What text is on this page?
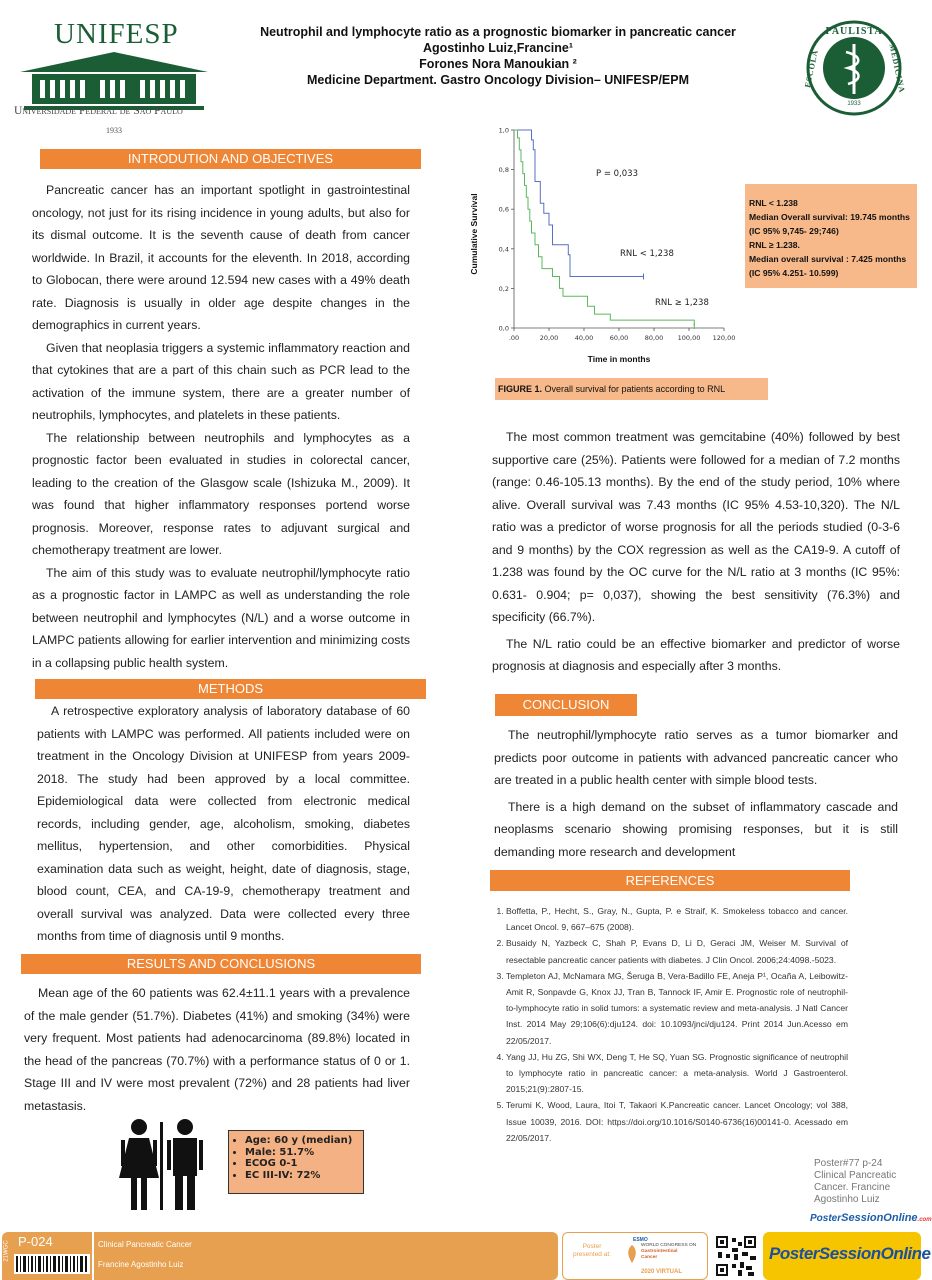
UNIFESP
Universidade Federal de São Paulo
1933
Neutrophil and lymphocyte ratio as a prognostic biomarker in pancreatic cancer
Agostinho Luiz,Francine¹
Forones Nora Manoukian ²
Medicine Department. Gastro Oncology Division– UNIFESP/EPM
PAULISTA
ESCOLA	MEDICINA
1933
INTRODUTION AND OBJECTIVES

Pancreatic cancer has an important spotlight in gastrointestinal oncology, not just for its rising incidence in young adults, but also for its dismal outcome. It is the seventh cause of death from cancer worldwide. In Brazil, it accounts for the eleventh. In 2018, according to Globocan, there were around 12.594 new cases with a 49% death rate. Diagnosis is usually in older age despite changes in the demographics in current years.

Given that neoplasia triggers a systemic inflammatory reaction and that cytokines that are a part of this chain such as PCR lead to the activation of the immune system, there are a greater number of neutrophils, lymphocytes, and platelets in these patients.

The relationship between neutrophils and lymphocytes as a prognostic factor been evaluated in studies in colorectal cancer, leading to the creation of the Glasgow scale (Ishizuka M., 2009). It was found that higher inflammatory responses portend worse prognosis. Moreover, response rates to adjuvant surgical and chemotherapy treatment are lower.

The aim of this study was to evaluate neutrophil/lymphocyte ratio as a prognostic factor in LAMPC as well as understanding the role between neutrophil and lymphocytes (N/L) and a worse outcome in LAMPC patients allowing for earlier intervention and minimizing costs in a collapsing public health system.

METHODS

A retrospective exploratory analysis of laboratory database of 60 patients with LAMPC was performed. All patients included were on treatment in the Oncology Division at UNIFESP from years 2009-2018. The study had been approved by a local committee. Epidemiological data were collected from electronic medical records, including gender, age, alcoholism, smoking, diabetes mellitus, hypertension, and other comorbidities. Physical examination data such as weight, height, date of diagnosis, stage, blood count, CEA, and CA-19-9, chemotherapy treatment and overall survival was analyzed. Data were collected every three months from time of diagnosis until 9 months.

RESULTS AND CONCLUSIONS

Mean age of the 60 patients was 62.4±11.1 years with a prevalence of the male gender (51.7%). Diabetes (41%) and smoking (34%) were very frequent. Most patients had adenocarcinoma (89.8%) located in the head of the pancreas (70.7%) with a performance status of 0 or 1. Stage III and IV were most prevalent (72%) and 28 patients had liver metastasis.

• Age: 60 y (median)
• Male: 51.7%
• ECOG 0-1
• EC III-IV: 72%
0,0
0,2
0,4
0,6
0,8
1,0
.00	20,00	40,00	60,00	80,00 100,00 120,00
Cumulative Survival
Time in months
P = 0,033
RNL < 1,238
RNL ≥ 1,238
RNL < 1.238
Median Overall survival: 19.745 months
(IC 95% 9,745- 29;746)
RNL ≥ 1.238.
Median overall survival : 7.425 months
(IC 95% 4.251- 10.599)
FIGURE 1. Overall survival for patients according to RNL

The most common treatment was gemcitabine (40%) followed by best supportive care (25%). Patients were followed for a median of 7.2 months (range: 0.46-105.13 months). By the end of the study period, 10% where alive. Overall survival was 7.43 months (IC 95% 4.53-10,320). The N/L ratio was a predictor of worse prognosis for all the periods studied (0-3-6 and 9 months) by the COX regression as well as the CA19-9. A cutoff of 1.238 was found by the OC curve for the N/L ratio at 3 months (IC 95%: 0.631- 0.904; p= 0,037), showing the best sensitivity (76.3%) and specificity (66.7%).

The N/L ratio could be an effective biomarker and predictor of worse prognosis at diagnosis and especially after 3 months.

CONCLUSION

The neutrophil/lymphocyte ratio serves as a tumor biomarker and predicts poor outcome in patients with advanced pancreatic cancer who are treated in a public health center with simple blood tests.

There is a high demand on the subset of inflammatory cascade and neoplasms scenario showing promising responses, but it is still demanding more research and development

REFERENCES
1. Boffetta, P., Hecht, S., Gray, N., Gupta, P. e Straif, K. Smokeless tobacco and cancer. Lancet Oncol. 9, 667–675 (2008).
2. Busaidy N, Yazbeck C, Shah P, Evans D, Li D, Geraci JM, Weiser M. Survival of resectable pancreatic cancer patients with diabetes. J Clin Oncol. 2006;24:4098.-5023.
3. Templeton AJ, McNamara MG, Šeruga B, Vera-Badillo FE, Aneja P¹, Ocaña A, Leibowitz-Amit R, Sonpavde G, Knox JJ, Tran B, Tannock IF, Amir E. Prognostic role of neutrophil-to-lymphocyte ratio in solid tumors: a systematic review and meta-analysis. J Natl Cancer Inst. 2014 May 29;106(6):dju124. doi: 10.1093/jnci/dju124. Print 2014 Jun.Acesso em 22/05/2017.
4. Yang JJ, Hu ZG, Shi WX, Deng T, He SQ, Yuan SG. Prognostic significance of neutrophil to lymphocyte ratio in pancreatic cancer: a meta-analysis. World J Gastroenterol. 2015;21(9):2807-15.
5. Terumi K, Wood, Laura, Itoi T, Takaori K.Pancreatic cancer. Lancet Oncology; vol 388, Issue 10039, 2016. DOI: https://doi.org/10.1016/S0140-6736(16)00141-0. Acessado em 22/05/2017.
Poster#77 p-24
Clinical Pancreatic
Cancer. Francine
Agostinho Luiz
PosterSessionOnline.com
P-024
21WGC	Clinical Pancreatic Cancer
Francine Agostinho Luiz
Poster presented at:
ESMO
WORLD CONGRESS ON
Gastrointestinal
Cancer
2020 VIRTUAL
PosterSessionOnline
